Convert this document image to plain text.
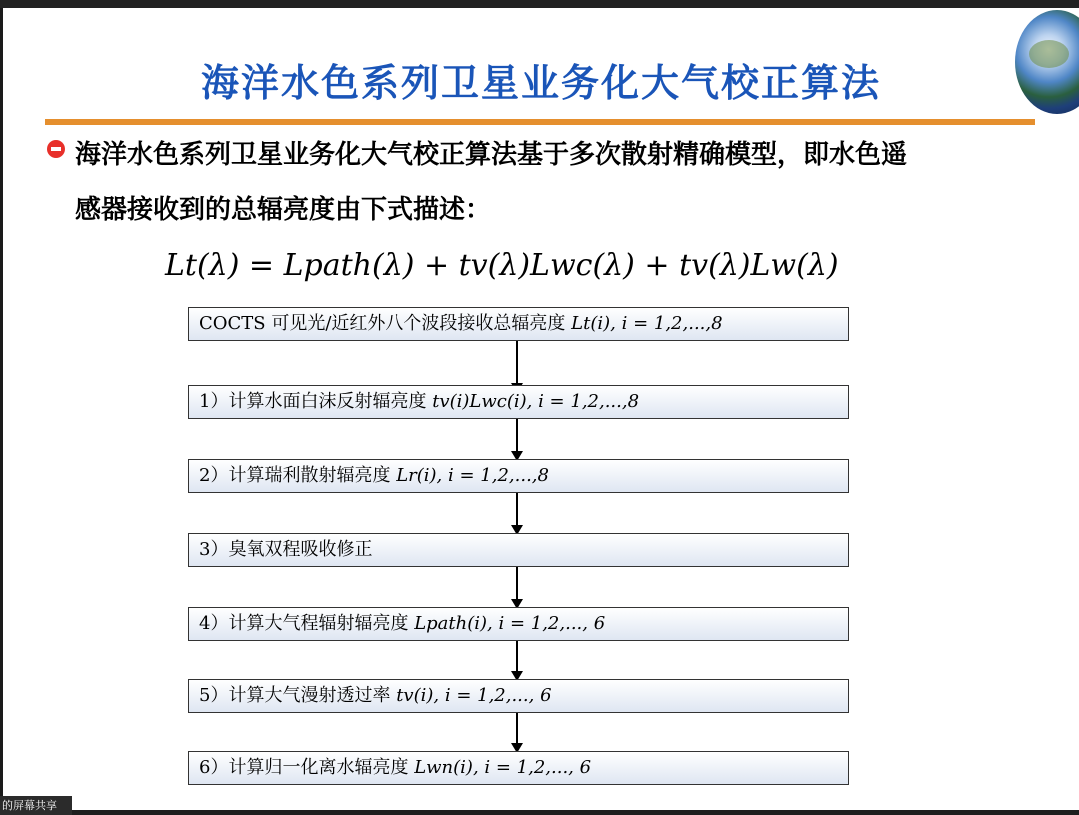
海洋水色系列卫星业务化大气校正算法
海洋水色系列卫星业务化大气校正算法基于多次散射精确模型，即水色遥
感器接收到的总辐亮度由下式描述：
Lt(λ) = Lpath(λ) + tv(λ)Lwc(λ) + tv(λ)Lw(λ)
COCTS 可见光/近红外八个波段接收总辐亮度 Lt(i), i = 1,2,...,8
1）计算水面白沫反射辐亮度 tv(i)Lwc(i), i = 1,2,...,8
2）计算瑞利散射辐亮度 Lr(i), i = 1,2,...,8
3）臭氧双程吸收修正
4）计算大气程辐射辐亮度 Lpath(i), i = 1,2,..., 6
5）计算大气漫射透过率 tv(i), i = 1,2,..., 6
6）计算归一化离水辐亮度 Lwn(i), i = 1,2,..., 6
的屏幕共享
